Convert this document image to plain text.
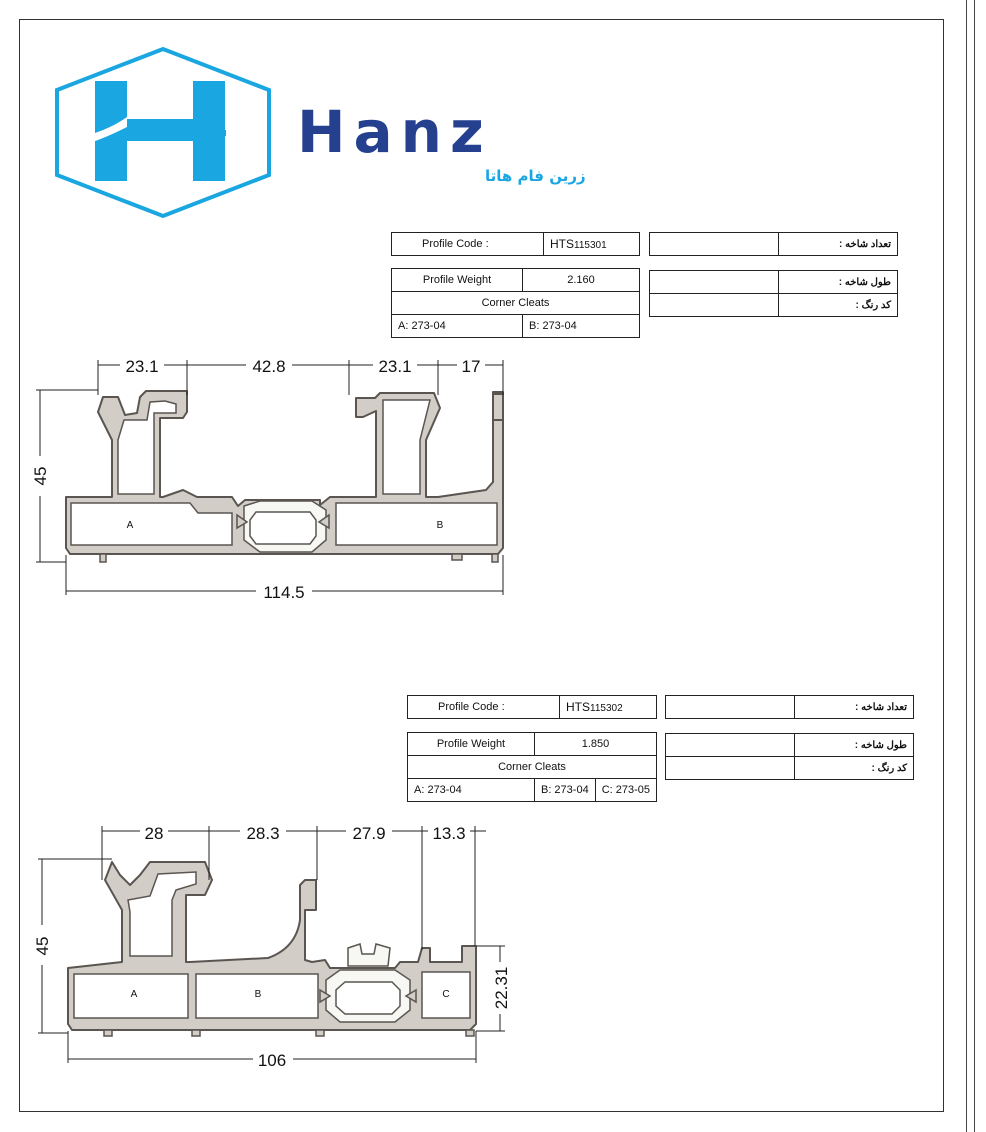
Hanz
زرین فام هاتا
Profile Code :	HTS115301
Profile Weight	2.160
Corner Cleats	
A: 273-04	B: 273-04
	تعداد شاخه :
	طول شاخه :
	کد رنگ :
Profile Code :	HTS115302
Profile Weight	1.850	
Corner Cleats		
A: 273-04	B: 273-04	C: 273-05
	تعداد شاخه :
	طول شاخه :
	کد رنگ :
A	B
23.1	42.8	23.1	17
45
114.5
A	B	C
28	28.3	27.9	13.3
45
106
22.31
